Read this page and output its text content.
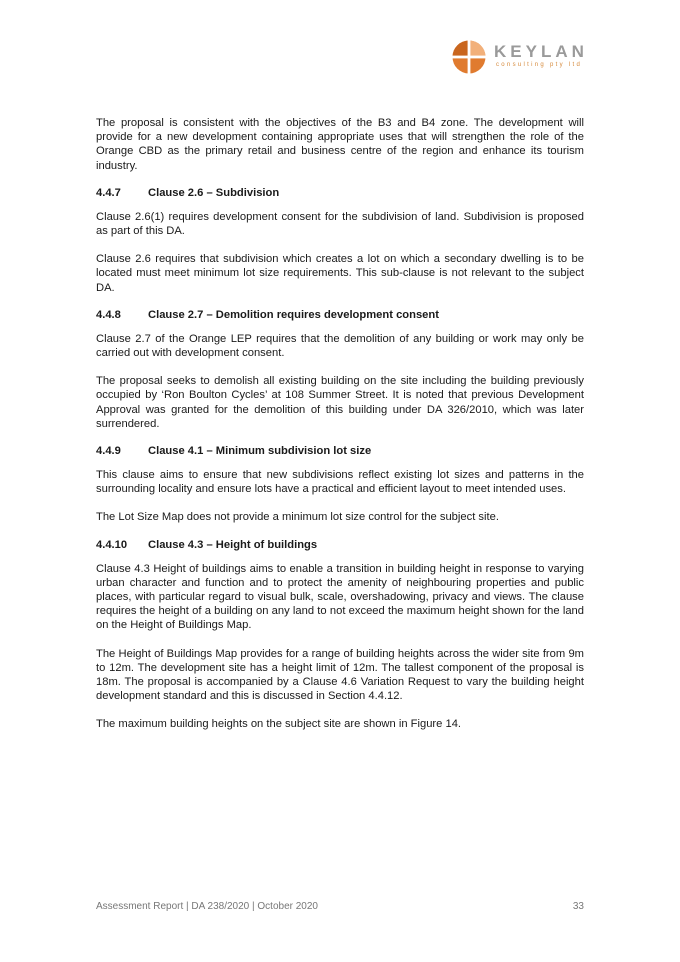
KEYLAN
consulting pty ltd

The proposal is consistent with the objectives of the B3 and B4 zone. The development will provide for a new development containing appropriate uses that will strengthen the role of the Orange CBD as the primary retail and business centre of the region and enhance its tourism industry.

4.4.7 Clause 2.6 – Subdivision

Clause 2.6(1) requires development consent for the subdivision of land. Subdivision is proposed as part of this DA.

Clause 2.6 requires that subdivision which creates a lot on which a secondary dwelling is to be located must meet minimum lot size requirements. This sub-clause is not relevant to the subject DA.

4.4.8 Clause 2.7 – Demolition requires development consent

Clause 2.7 of the Orange LEP requires that the demolition of any building or work may only be carried out with development consent.

The proposal seeks to demolish all existing building on the site including the building previously occupied by ‘Ron Boulton Cycles’ at 108 Summer Street. It is noted that previous Development Approval was granted for the demolition of this building under DA 326/2010, which was later surrendered.

4.4.9 Clause 4.1 – Minimum subdivision lot size

This clause aims to ensure that new subdivisions reflect existing lot sizes and patterns in the surrounding locality and ensure lots have a practical and efficient layout to meet intended uses.

The Lot Size Map does not provide a minimum lot size control for the subject site.

4.4.10 Clause 4.3 – Height of buildings

Clause 4.3 Height of buildings aims to enable a transition in building height in response to varying urban character and function and to protect the amenity of neighbouring properties and public places, with particular regard to visual bulk, scale, overshadowing, privacy and views. The clause requires the height of a building on any land to not exceed the maximum height shown for the land on the Height of Buildings Map.

The Height of Buildings Map provides for a range of building heights across the wider site from 9m to 12m. The development site has a height limit of 12m. The tallest component of the proposal is 18m. The proposal is accompanied by a Clause 4.6 Variation Request to vary the building height development standard and this is discussed in Section 4.4.12.

The maximum building heights on the subject site are shown in Figure 14.

Assessment Report | DA 238/2020 | October 2020	33
